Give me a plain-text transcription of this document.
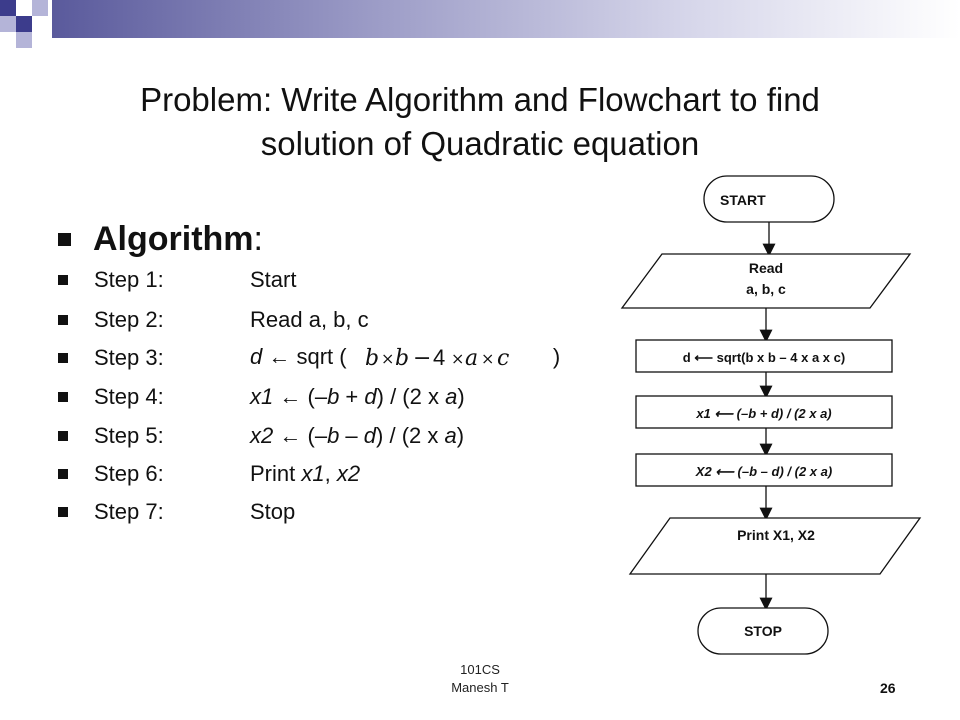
Problem: Write Algorithm and Flowchart to find
solution of Quadratic equation
Algorithm:
Step 1:	Start
Step 2:	Read a, b, c
Step 3:	d ← sqrt ( b × b − 4 × a × c )
Step 4:	x1 ← (–b + d) / (2 x a)
Step 5:	x2 ← (–b – d) / (2 x a)
Step 6:	Print x1, x2
Step 7:	Stop
START
Read
a, b, c
d ⟵ sqrt(b x b – 4 x a x c)
x1 ⟵ (–b + d) / (2 x a)
X2 ⟵ (–b – d) / (2 x a)
Print X1, X2
STOP
101CS
Manesh T	26
